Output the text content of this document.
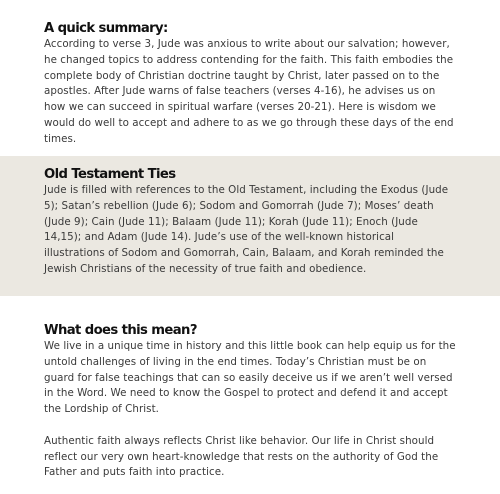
A quick summary:

According to verse 3, Jude was anxious to write about our salvation; however, he changed topics to address contending for the faith. This faith embodies the complete body of Christian doctrine taught by Christ, later passed on to the apostles. After Jude warns of false teachers (verses 4-16), he advises us on how we can succeed in spiritual warfare (verses 20-21). Here is wisdom we would do well to accept and adhere to as we go through these days of the end times.

Old Testament Ties

Jude is filled with references to the Old Testament, including the Exodus (Jude 5); Satan’s rebellion (Jude 6); Sodom and Gomorrah (Jude 7); Moses’ death (Jude 9); Cain (Jude 11); Balaam (Jude 11); Korah (Jude 11); Enoch (Jude 14,15); and Adam (Jude 14). Jude’s use of the well-known historical illustrations of Sodom and Gomorrah, Cain, Balaam, and Korah reminded the Jewish Christians of the necessity of true faith and obedience.

What does this mean?

We live in a unique time in history and this little book can help equip us for the untold challenges of living in the end times. Today’s Christian must be on guard for false teachings that can so easily deceive us if we aren’t well versed in the Word. We need to know the Gospel to protect and defend it and accept the Lordship of Christ.

Authentic faith always reflects Christ like behavior. Our life in Christ should reflect our very own heart-knowledge that rests on the authority of God the Father and puts faith into practice.
